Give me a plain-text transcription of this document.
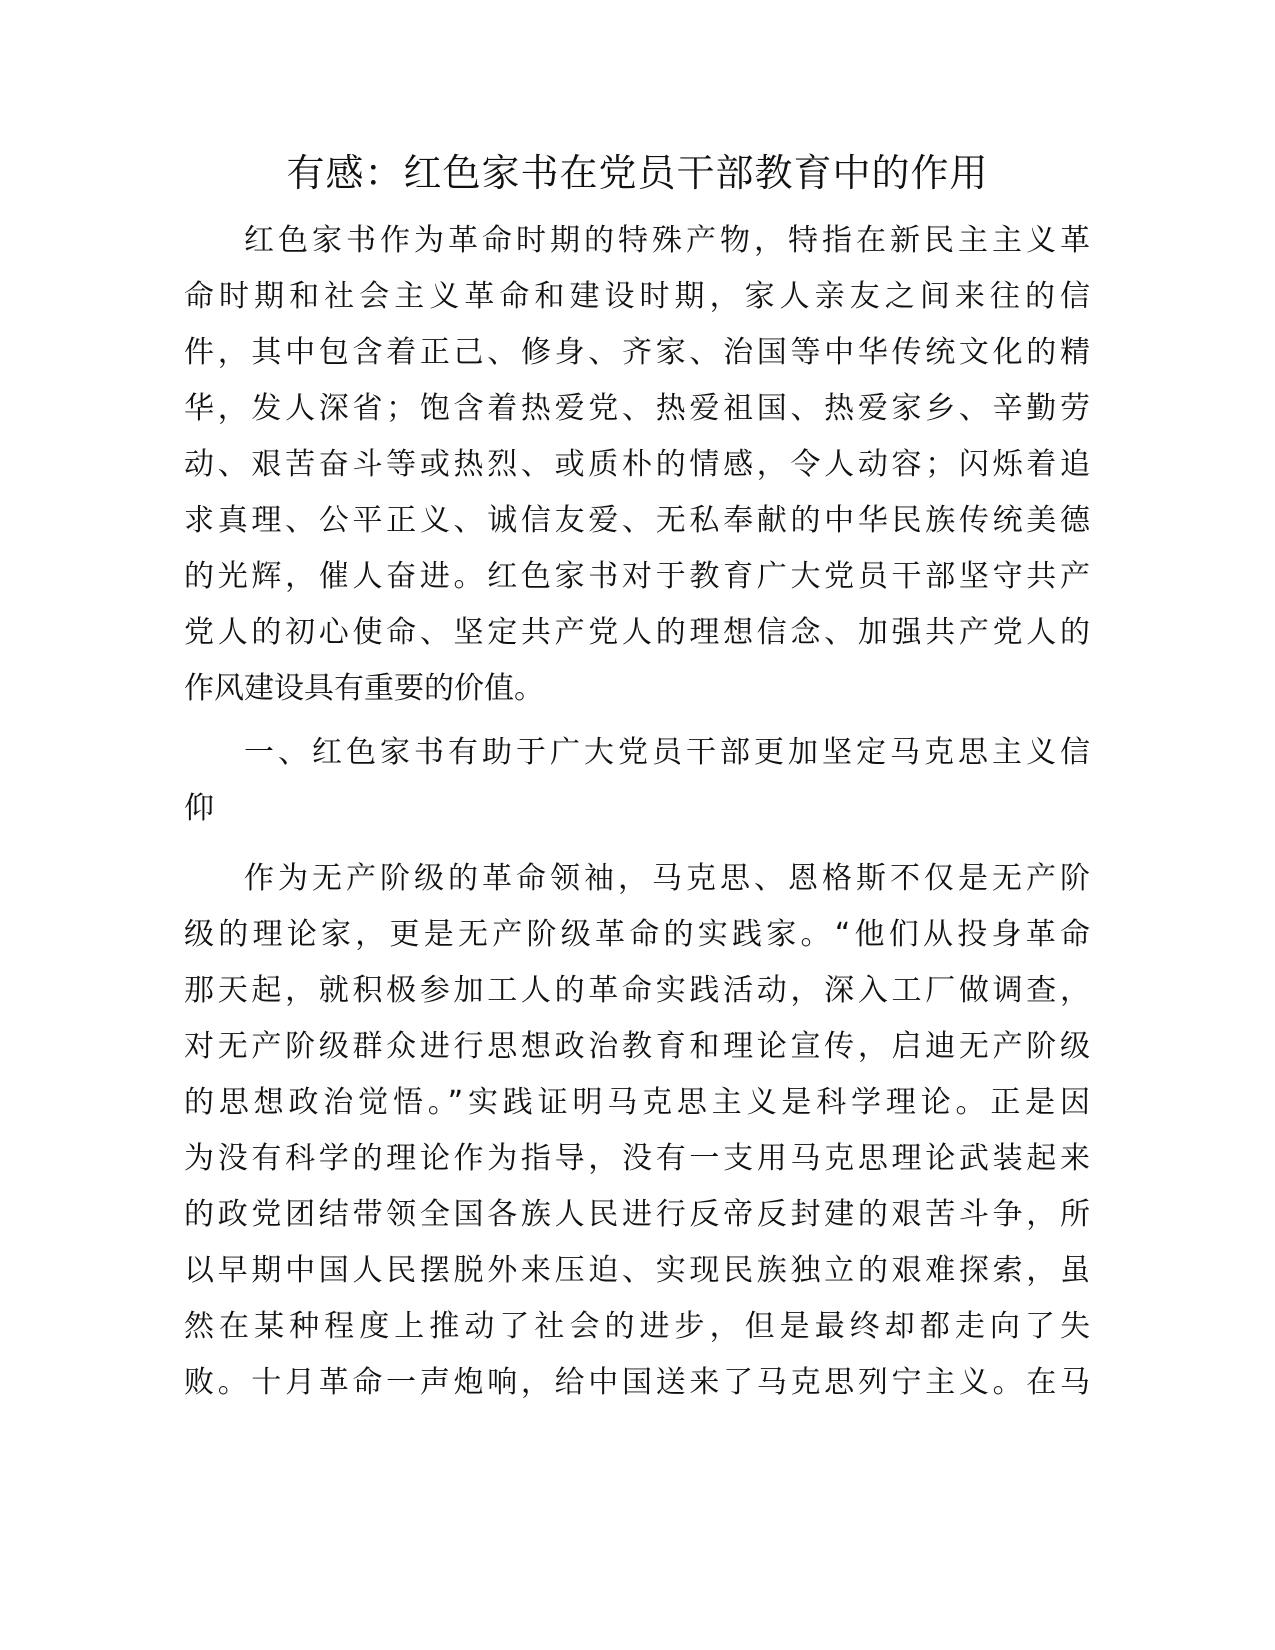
有感：红色家书在党员干部教育中的作用
红色家书作为革命时期的特殊产物，特指在新民主主义革
命时期和社会主义革命和建设时期，家人亲友之间来往的信
件，其中包含着正己、修身、齐家、治国等中华传统文化的精
华，发人深省；饱含着热爱党、热爱祖国、热爱家乡、辛勤劳
动、艰苦奋斗等或热烈、或质朴的情感，令人动容；闪烁着追
求真理、公平正义、诚信友爱、无私奉献的中华民族传统美德
的光辉，催人奋进。红色家书对于教育广大党员干部坚守共产
党人的初心使命、坚定共产党人的理想信念、加强共产党人的
作风建设具有重要的价值。
一、红色家书有助于广大党员干部更加坚定马克思主义信
仰
作为无产阶级的革命领袖，马克思、恩格斯不仅是无产阶
级的理论家，更是无产阶级革命的实践家。“他们从投身革命
那天起，就积极参加工人的革命实践活动，深入工厂做调查，
对无产阶级群众进行思想政治教育和理论宣传，启迪无产阶级
的思想政治觉悟。”实践证明马克思主义是科学理论。正是因
为没有科学的理论作为指导，没有一支用马克思理论武装起来
的政党团结带领全国各族人民进行反帝反封建的艰苦斗争，所
以早期中国人民摆脱外来压迫、实现民族独立的艰难探索，虽
然在某种程度上推动了社会的进步，但是最终却都走向了失
败。十月革命一声炮响，给中国送来了马克思列宁主义。在马
